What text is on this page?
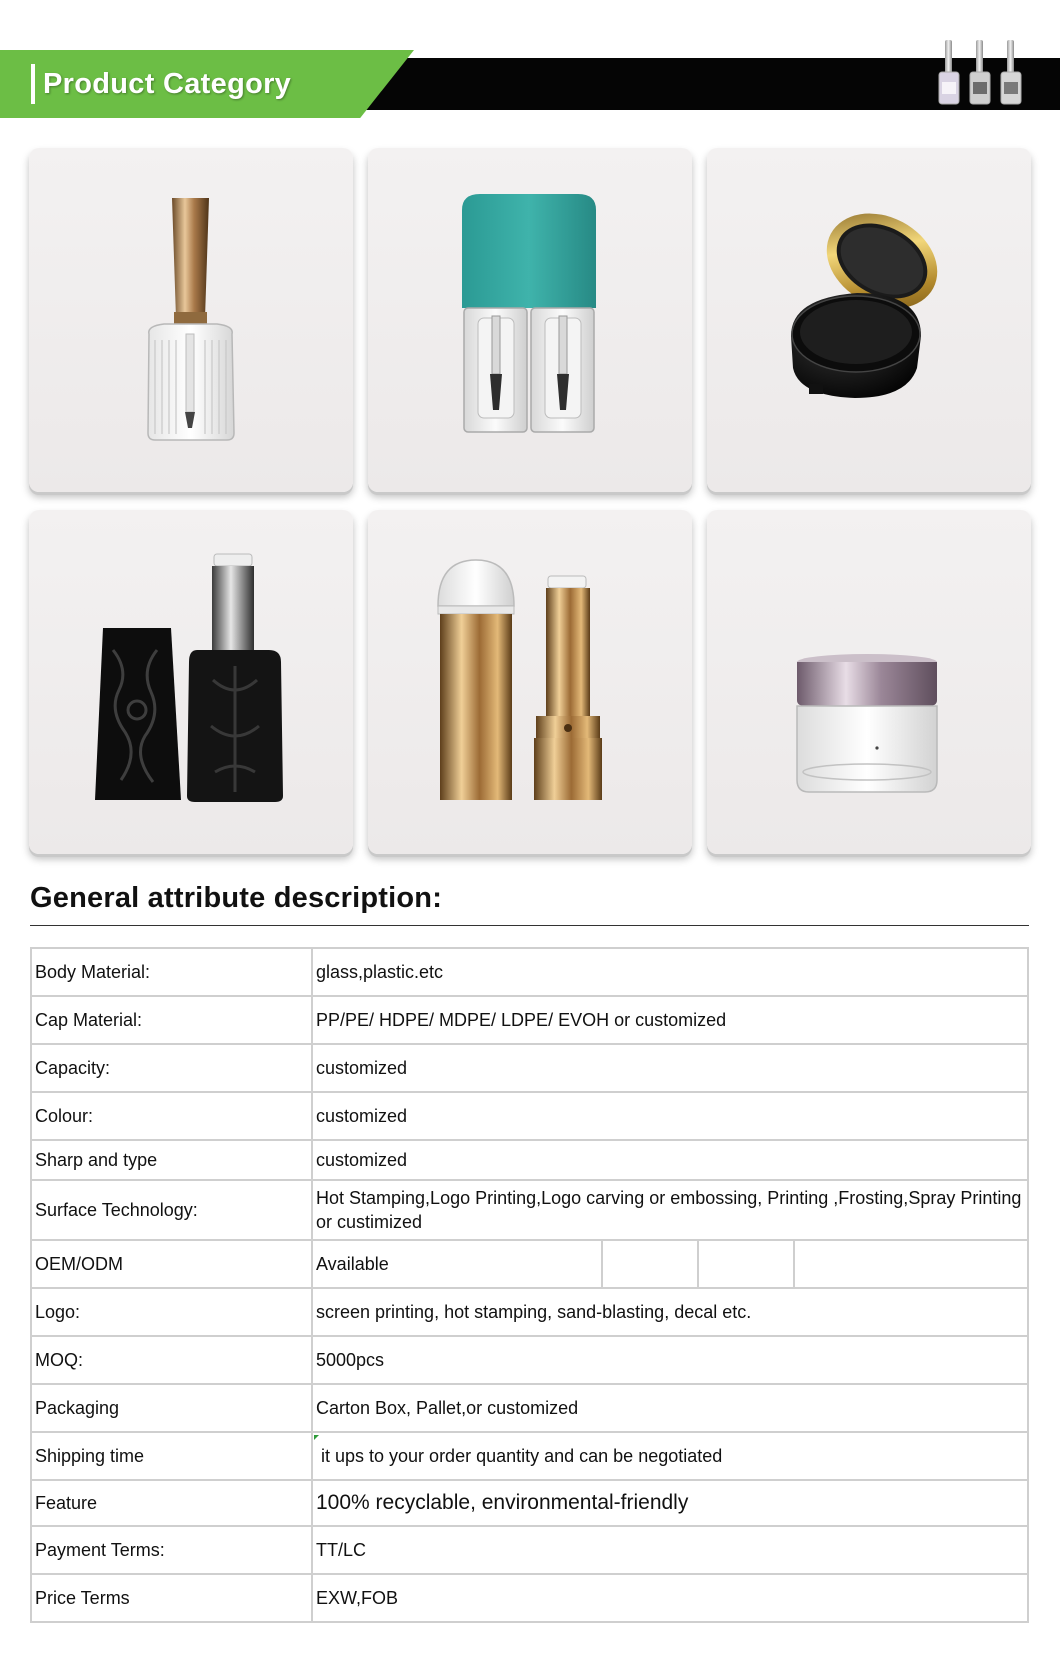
Product Category
General attribute description:
Body Material:	glass,plastic.etc
Cap Material:	PP/PE/ HDPE/ MDPE/ LDPE/ EVOH or customized
Capacity:	customized
Colour:	customized
Sharp and type	customized
Surface Technology:
Hot Stamping,Logo Printing,Logo carving or embossing, Printing ,Frosting,Spray Printing or custimized
OEM/ODM	Available
Logo:	screen printing, hot stamping, sand-blasting, decal etc.
MOQ:	5000pcs
Packaging	Carton Box, Pallet,or customized
Shipping time	it ups to your order quantity and can be negotiated
Feature	100% recyclable, environmental-friendly
Payment Terms:	TT/LC
Price Terms	EXW,FOB
